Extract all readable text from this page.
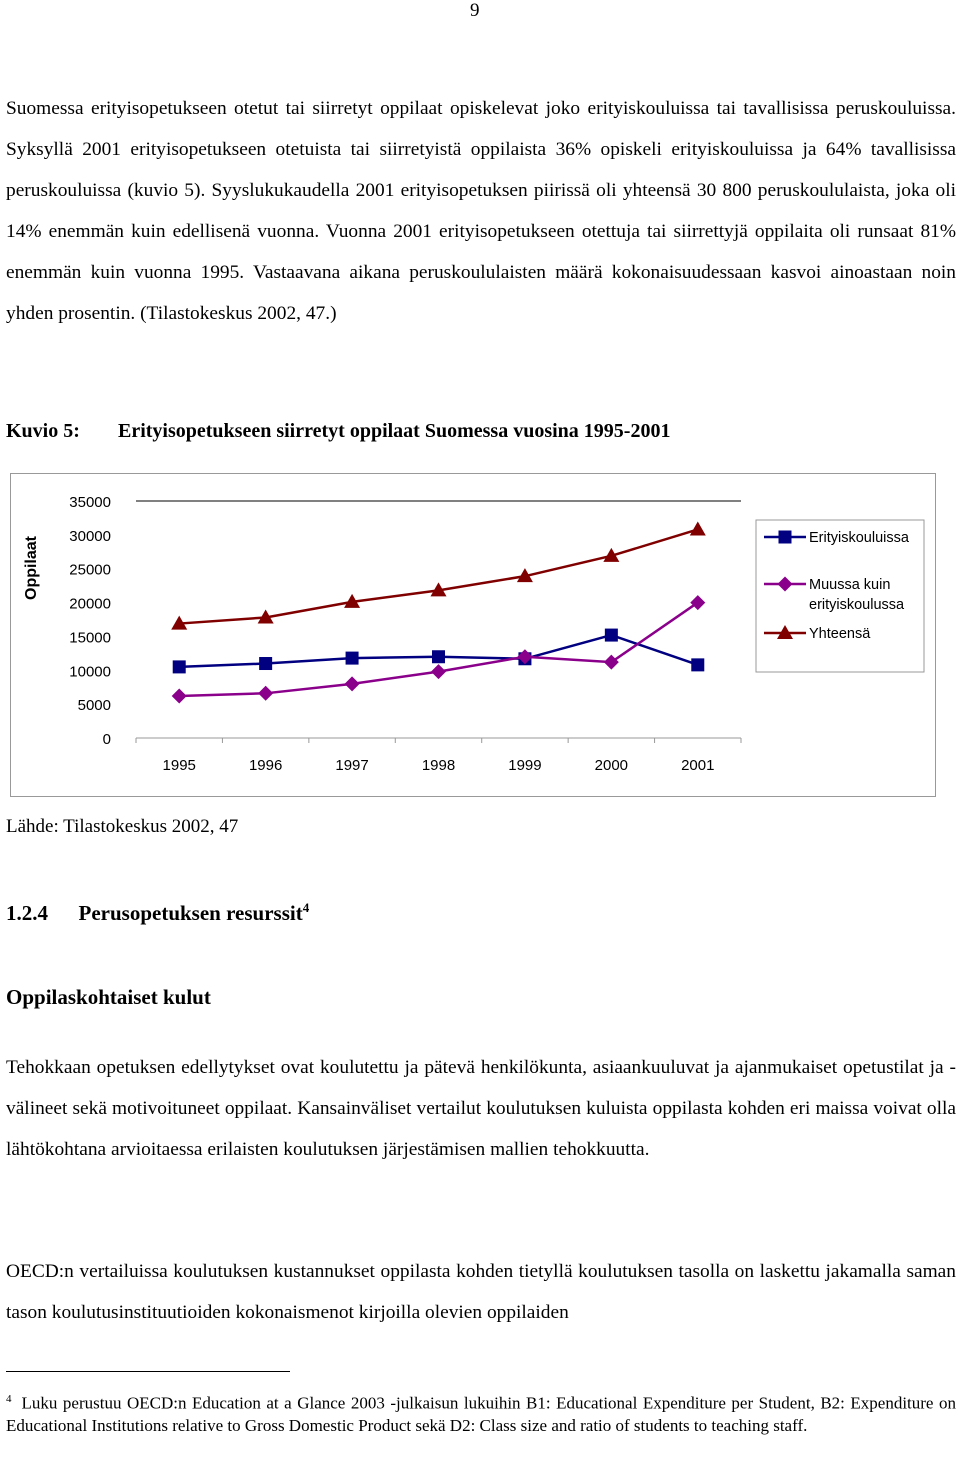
9

Suomessa erityisopetukseen otetut tai siirretyt oppilaat opiskelevat joko erityiskouluissa tai tavallisissa peruskouluissa. Syksyllä 2001 erityisopetukseen otetuista tai siirretyistä oppilaista 36% opiskeli erityiskouluissa ja 64% tavallisissa peruskouluissa (kuvio 5). Syyslukukaudella 2001 erityisopetuksen piirissä oli yhteensä 30 800 peruskoululaista, joka oli 14% enemmän kuin edellisenä vuonna. Vuonna 2001 erityisopetukseen otettuja tai siirrettyjä oppilaita oli runsaat 81% enemmän kuin vuonna 1995. Vastaavana aikana peruskoululaisten määrä kokonaisuudessaan kasvoi ainoastaan noin yhden prosentin. (Tilastokeskus 2002, 47.)

Kuvio 5: Erityisopetukseen siirretyt oppilaat Suomessa vuosina 1995-2001
0
5000
10000
15000
20000
25000
30000
35000
1995	1996	1997	1998	1999	2000	2001
Oppilaat	Erityiskouluissa
Muussa kuin erityiskoulussa
Yhteensä
Lähde: Tilastokeskus 2002, 47
1.2.4 Perusopetuksen resurssit$^4$
Oppilaskohtaiset kulut

Tehokkaan opetuksen edellytykset ovat koulutettu ja pätevä henkilökunta, asiaankuuluvat ja ajanmukaiset opetustilat ja -välineet sekä motivoituneet oppilaat. Kansainväliset vertailut koulutuksen kuluista oppilasta kohden eri maissa voivat olla lähtökohtana arvioitaessa erilaisten koulutuksen järjestämisen mallien tehokkuutta.

OECD:n vertailuissa koulutuksen kustannukset oppilasta kohden tietyllä koulutuksen tasolla on laskettu jakamalla saman tason koulutusinstituutioiden kokonaismenot kirjoilla olevien oppilaiden

$^4$ Luku perustuu OECD:n Education at a Glance 2003 -julkaisun lukuihin B1: Educational Expenditure per Student, B2: Expenditure on Educational Institutions relative to Gross Domestic Product sekä D2: Class size and ratio of students to teaching staff.
